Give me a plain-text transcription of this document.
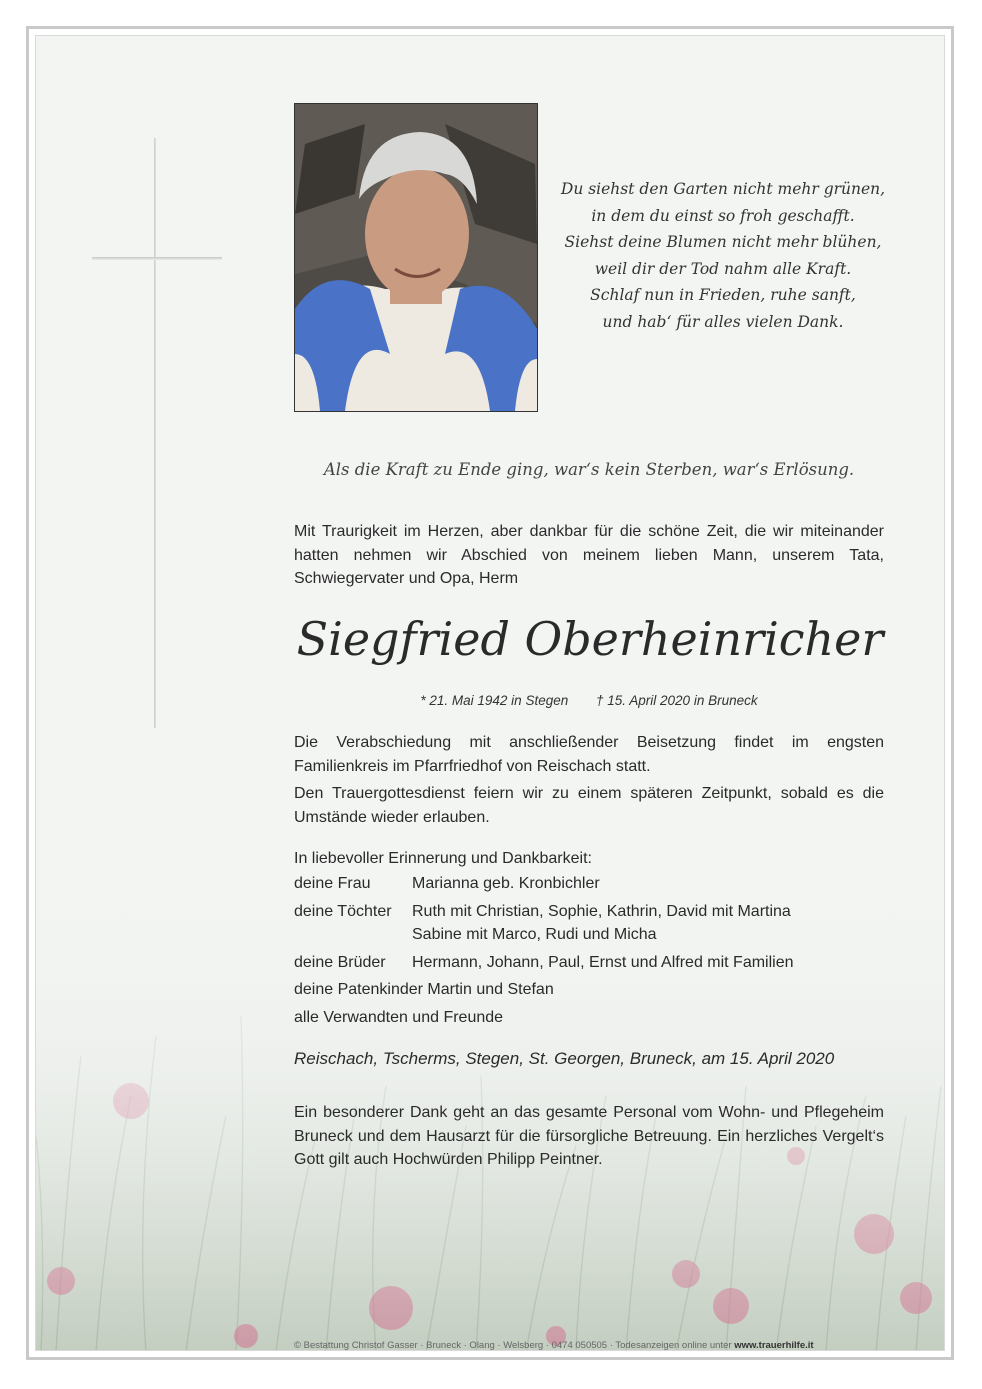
Du siehst den Garten nicht mehr grünen,
in dem du einst so froh geschafft.
Siehst deine Blumen nicht mehr blühen,
weil dir der Tod nahm alle Kraft.
Schlaf nun in Frieden, ruhe sanft,
und hab‘ für alles vielen Dank.
Als die Kraft zu Ende ging, war‘s kein Sterben, war‘s Erlösung.
Mit Traurigkeit im Herzen, aber dankbar für die schöne Zeit, die wir miteinander hatten nehmen wir Abschied von meinem lieben Mann, unserem Tata, Schwiegervater und Opa, Herm
Siegfried Oberheinricher
* 21. Mai 1942 in Stegen † 15. April 2020 in Bruneck
Die Verabschiedung mit anschließender Beisetzung findet im engsten Familienkreis im Pfarrfriedhof von Reischach statt.
Den Trauergottesdienst feiern wir zu einem späteren Zeitpunkt, sobald es die Umstände wieder erlauben.
In liebevoller Erinnerung und Dankbarkeit:
deine Frau	Marianna geb. Kronbichler
deine Töchter	Ruth mit Christian, Sophie, Kathrin, David mit Martina
Sabine mit Marco, Rudi und Micha
deine Brüder	Hermann, Johann, Paul, Ernst und Alfred mit Familien
deine Patenkinder Martin und Stefan
alle Verwandten und Freunde
Reischach, Tscherms, Stegen, St. Georgen, Bruneck, am 15. April 2020
Ein besonderer Dank geht an das gesamte Personal vom Wohn- und Pflegeheim Bruneck und dem Hausarzt für die fürsorgliche Betreuung. Ein herzliches Vergelt‘s Gott gilt auch Hochwürden Philipp Peintner.
© Bestattung Christof Gasser · Bruneck · Olang · Welsberg · 0474 050505 · Todesanzeigen online unter www.trauerhilfe.it
